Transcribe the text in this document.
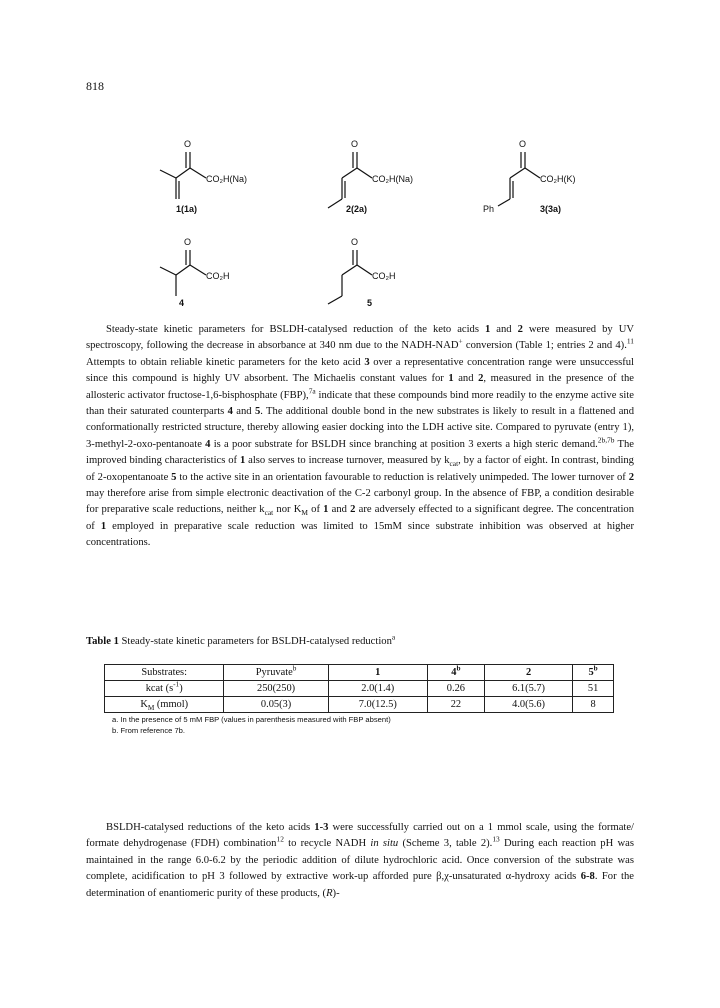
818
O
CO₂H(Na)
1(1a)
O
CO₂H(Na)
2(2a)
O
CO₂H(K)
3(3a)
Ph
O
CO₂H
4
O
CO₂H
5
Steady-state kinetic parameters for BSLDH-catalysed reduction of the keto acids 1 and 2 were measured by UV spectroscopy, following the decrease in absorbance at 340 nm due to the NADH-NAD+ conversion (Table 1; entries 2 and 4).$^{11}$ Attempts to obtain reliable kinetic parameters for the keto acid 3 over a representative concentration range were unsuccessful since this compound is highly UV absorbent. The Michaelis constant values for 1 and 2, measured in the presence of the allosteric activator fructose-1,6-bisphosphate (FBP),$^{7a}$ indicate that these compounds bind more readily to the enzyme active site than their saturated counterparts 4 and 5. The additional double bond in the new substrates is likely to result in a flattened and conformationally restricted structure, thereby allowing easier docking into the LDH active site. Compared to pyruvate (entry 1), 3-methyl-2-oxo-pentanoate 4 is a poor substrate for BSLDH since branching at position 3 exerts a high steric demand.$^{2b,7b}$ The improved binding characteristics of 1 also serves to increase turnover, measured by $k_{cat}$, by a factor of eight. In contrast, binding of 2-oxopentanoate 5 to the active site in an orientation favourable to reduction is relatively unimpeded. The lower turnover of 2 may therefore arise from simple electronic deactivation of the C-2 carbonyl group. In the absence of FBP, a condition desirable for preparative scale reductions, neither $k_{cat}$ nor $K_M$ of 1 and 2 are adversely effected to a significant degree. The concentration of 1 employed in preparative scale reduction was limited to 15mM since substrate inhibition was observed at higher concentrations.
Table 1 Steady-state kinetic parameters for BSLDH-catalysed reduction$^a$
Substrates:	Pyruvate$^b$	1	4$^b$	2	5$^b$
kcat $(s^{-1})$	250(250)	2.0(1.4)	0.26	6.1(5.7)	51
$K_M$ (mmol)	0.05(3)	7.0(12.5)	22	4.0(5.6)	8
a. In the presence of 5 mM FBP (values in parenthesis measured with FBP absent)
b. From reference 7b.
BSLDH-catalysed reductions of the keto acids 1-3 were successfully carried out on a 1 mmol scale, using the formate/ formate dehydrogenase (FDH) combination$^{12}$ to recycle NADH in situ (Scheme 3, table 2).$^{13}$ During each reaction pH was maintained in the range 6.0-6.2 by the periodic addition of dilute hydrochloric acid. Once conversion of the substrate was complete, acidification to pH 3 followed by extractive work-up afforded pure β,χ-unsaturated α-hydroxy acids 6-8. For the determination of enantiomeric purity of these products, (R)-
